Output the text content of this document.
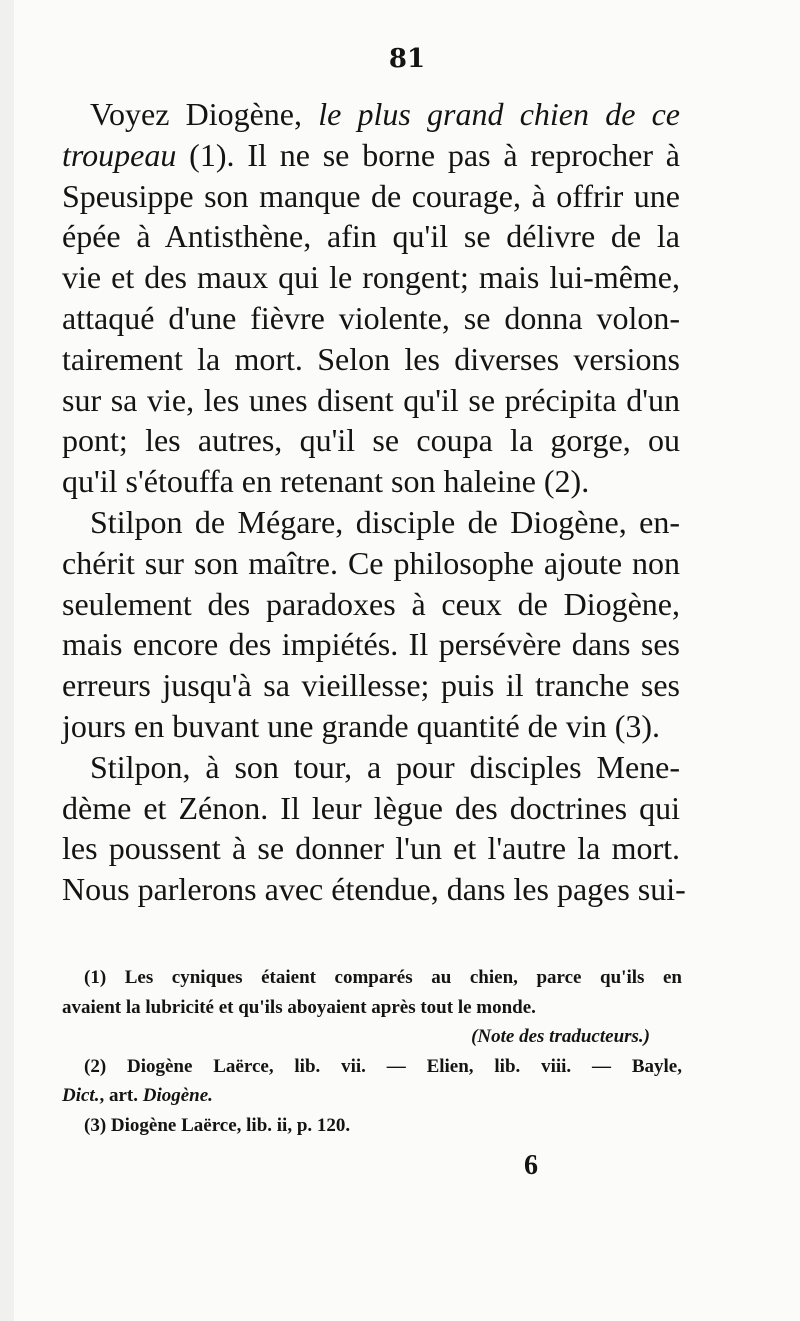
81
Voyez Diogène, le plus grand chien de ce
troupeau (1). Il ne se borne pas à reprocher à
Speusippe son manque de courage, à offrir une
épée à Antisthène, afin qu'il se délivre de la
vie et des maux qui le rongent; mais lui-même,
attaqué d'une fièvre violente, se donna volon-
tairement la mort. Selon les diverses versions
sur sa vie, les unes disent qu'il se précipita d'un
pont; les autres, qu'il se coupa la gorge, ou
qu'il s'étouffa en retenant son haleine (2).
Stilpon de Mégare, disciple de Diogène, en-
chérit sur son maître. Ce philosophe ajoute non
seulement des paradoxes à ceux de Diogène,
mais encore des impiétés. Il persévère dans ses
erreurs jusqu'à sa vieillesse; puis il tranche ses
jours en buvant une grande quantité de vin (3).
Stilpon, à son tour, a pour disciples Mene-
dème et Zénon. Il leur lègue des doctrines qui
les poussent à se donner l'un et l'autre la mort.
Nous parlerons avec étendue, dans les pages sui-
(1) Les cyniques étaient comparés au chien, parce qu'ils en
avaient la lubricité et qu'ils aboyaient après tout le monde.
(Note des traducteurs.)
(2) Diogène Laërce, lib. vii. — Elien, lib. viii. — Bayle,
Dict., art. Diogène.
(3) Diogène Laërce, lib. ii, p. 120.
6
